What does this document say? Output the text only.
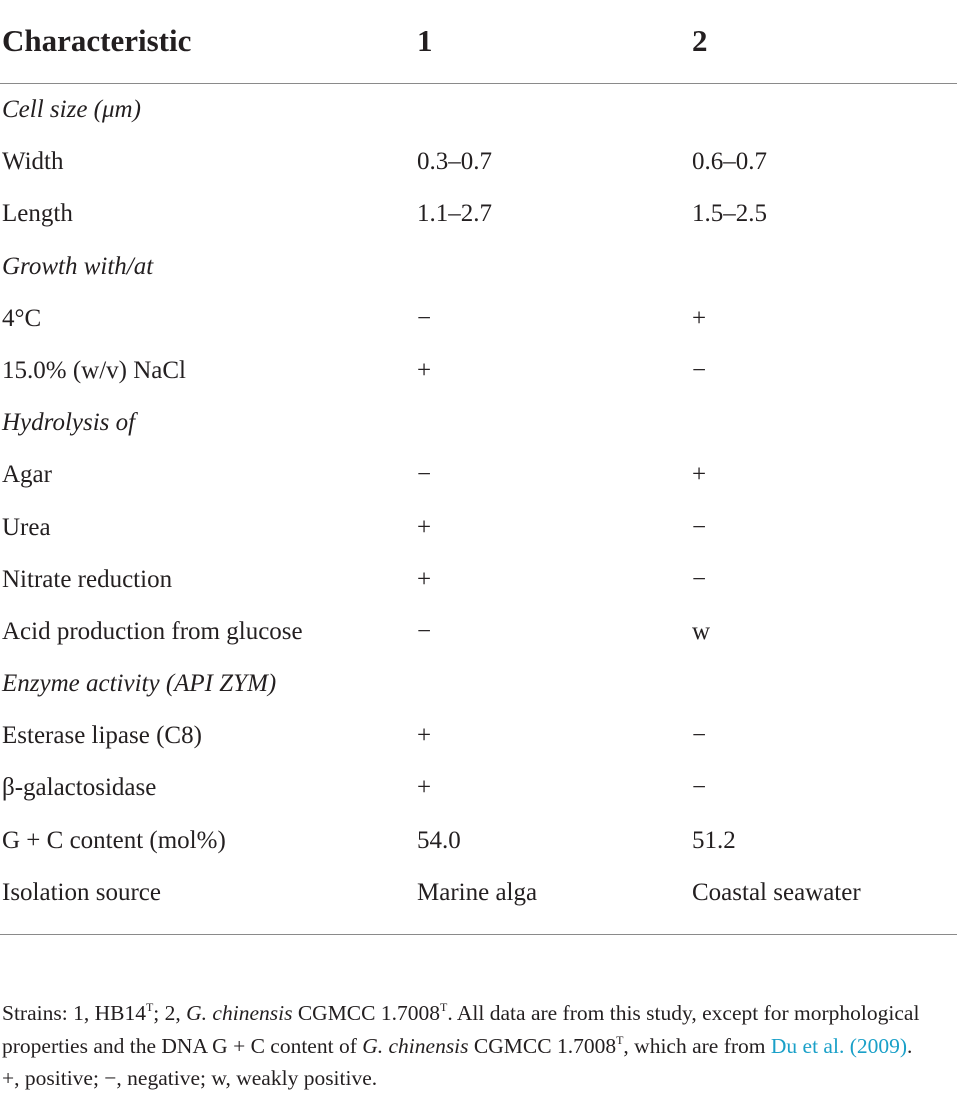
Characteristic	1	2
Cell size (μm)
Width	0.3–0.7	0.6–0.7
Length	1.1–2.7	1.5–2.5
Growth with/at
4°C	−	+
15.0% (w/v) NaCl	+	−
Hydrolysis of
Agar	−	+
Urea	+	−
Nitrate reduction	+	−
Acid production from glucose	−	w
Enzyme activity (API ZYM)
Esterase lipase (C8)	+	−
β-galactosidase	+	−
G + C content (mol%)	54.0	51.2
Isolation source	Marine alga	Coastal seawater
Strains: 1, $HB14^T$; 2, G. chinensis CGMCC $1.7008^T$. All data are from this study, except for morphological properties and the DNA G + C content of G. chinensis CGMCC $1.7008^T$, which are from Du et al. (2009). +, positive; −, negative; w, weakly positive.
